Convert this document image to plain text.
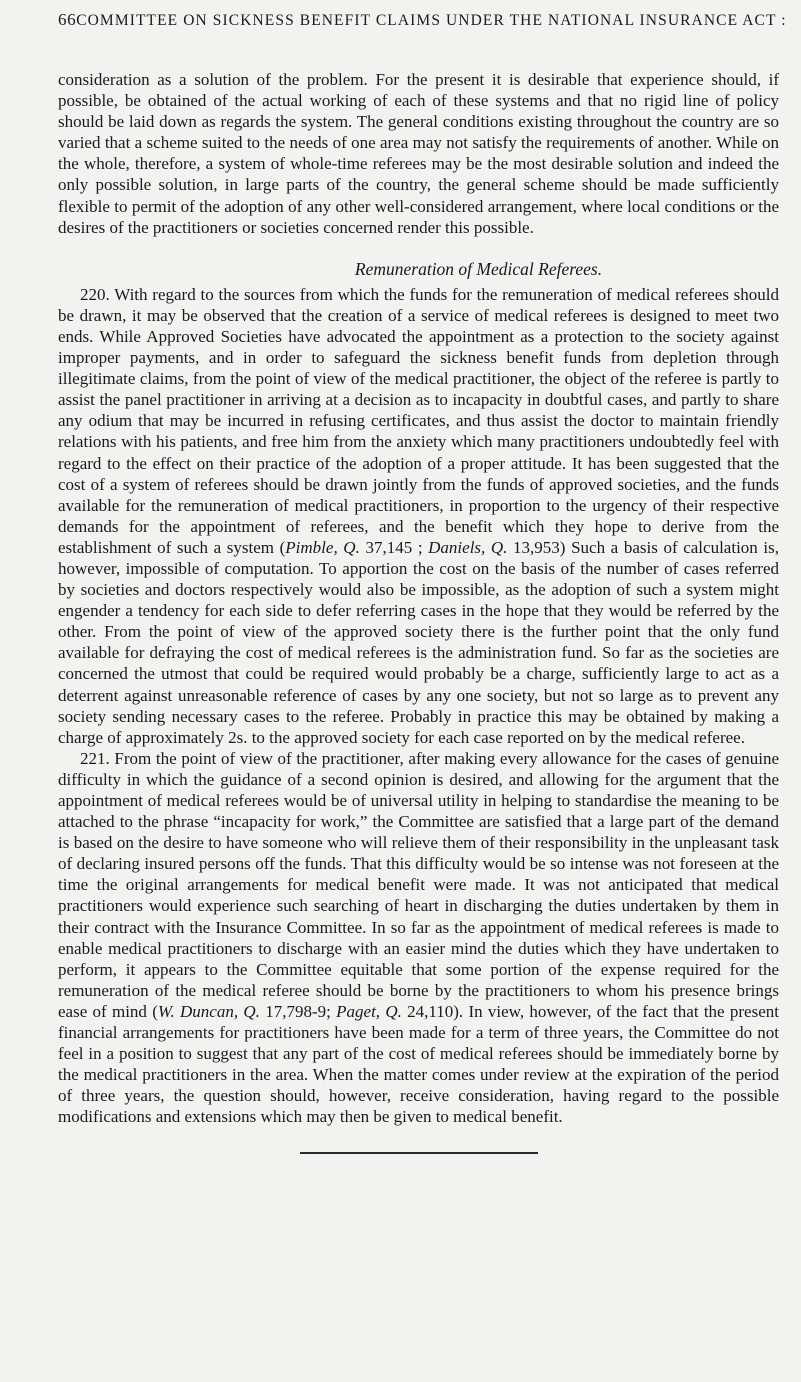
66 COMMITTEE ON SICKNESS BENEFIT CLAIMS UNDER THE NATIONAL INSURANCE ACT :

consideration as a solution of the problem. For the present it is desirable that experience should, if possible, be obtained of the actual working of each of these systems and that no rigid line of policy should be laid down as regards the system. The general conditions existing throughout the country are so varied that a scheme suited to the needs of one area may not satisfy the requirements of another. While on the whole, therefore, a system of whole-time referees may be the most desirable solution and indeed the only possible solution, in large parts of the country, the general scheme should be made sufficiently flexible to permit of the adoption of any other well-considered arrangement, where local conditions or the desires of the practitioners or societies concerned render this possible.

Remuneration of Medical Referees.

220. With regard to the sources from which the funds for the remuneration of medical referees should be drawn, it may be observed that the creation of a service of medical referees is designed to meet two ends. While Approved Societies have advocated the appointment as a protection to the society against improper payments, and in order to safeguard the sickness benefit funds from depletion through illegitimate claims, from the point of view of the medical practitioner, the object of the referee is partly to assist the panel practitioner in arriving at a decision as to incapacity in doubtful cases, and partly to share any odium that may be incurred in refusing certificates, and thus assist the doctor to maintain friendly relations with his patients, and free him from the anxiety which many practitioners undoubtedly feel with regard to the effect on their practice of the adoption of a proper attitude. It has been suggested that the cost of a system of referees should be drawn jointly from the funds of approved societies, and the funds available for the remuneration of medical practitioners, in proportion to the urgency of their respective demands for the appointment of referees, and the benefit which they hope to derive from the establishment of such a system (Pimble, Q. 37,145 ; Daniels, Q. 13,953) Such a basis of calculation is, however, impossible of computation. To apportion the cost on the basis of the number of cases referred by societies and doctors respectively would also be impossible, as the adoption of such a system might engender a tendency for each side to defer referring cases in the hope that they would be referred by the other. From the point of view of the approved society there is the further point that the only fund available for defraying the cost of medical referees is the administration fund. So far as the societies are concerned the utmost that could be required would probably be a charge, sufficiently large to act as a deterrent against unreasonable reference of cases by any one society, but not so large as to prevent any society sending necessary cases to the referee. Probably in practice this may be obtained by making a charge of approximately 2s. to the approved society for each case reported on by the medical referee.

221. From the point of view of the practitioner, after making every allowance for the cases of genuine difficulty in which the guidance of a second opinion is desired, and allowing for the argument that the appointment of medical referees would be of universal utility in helping to standardise the meaning to be attached to the phrase “incapacity for work,” the Committee are satisfied that a large part of the demand is based on the desire to have someone who will relieve them of their responsibility in the unpleasant task of declaring insured persons off the funds. That this difficulty would be so intense was not foreseen at the time the original arrangements for medical benefit were made. It was not anticipated that medical practitioners would experience such searching of heart in discharging the duties undertaken by them in their contract with the Insurance Committee. In so far as the appointment of medical referees is made to enable medical practitioners to discharge with an easier mind the duties which they have undertaken to perform, it appears to the Committee equitable that some portion of the expense required for the remuneration of the medical referee should be borne by the practitioners to whom his presence brings ease of mind (W. Duncan, Q. 17,798-9; Paget, Q. 24,110). In view, however, of the fact that the present financial arrangements for practitioners have been made for a term of three years, the Committee do not feel in a position to suggest that any part of the cost of medical referees should be immediately borne by the medical practitioners in the area. When the matter comes under review at the expiration of the period of three years, the question should, however, receive consideration, having regard to the possible modifications and extensions which may then be given to medical benefit.
